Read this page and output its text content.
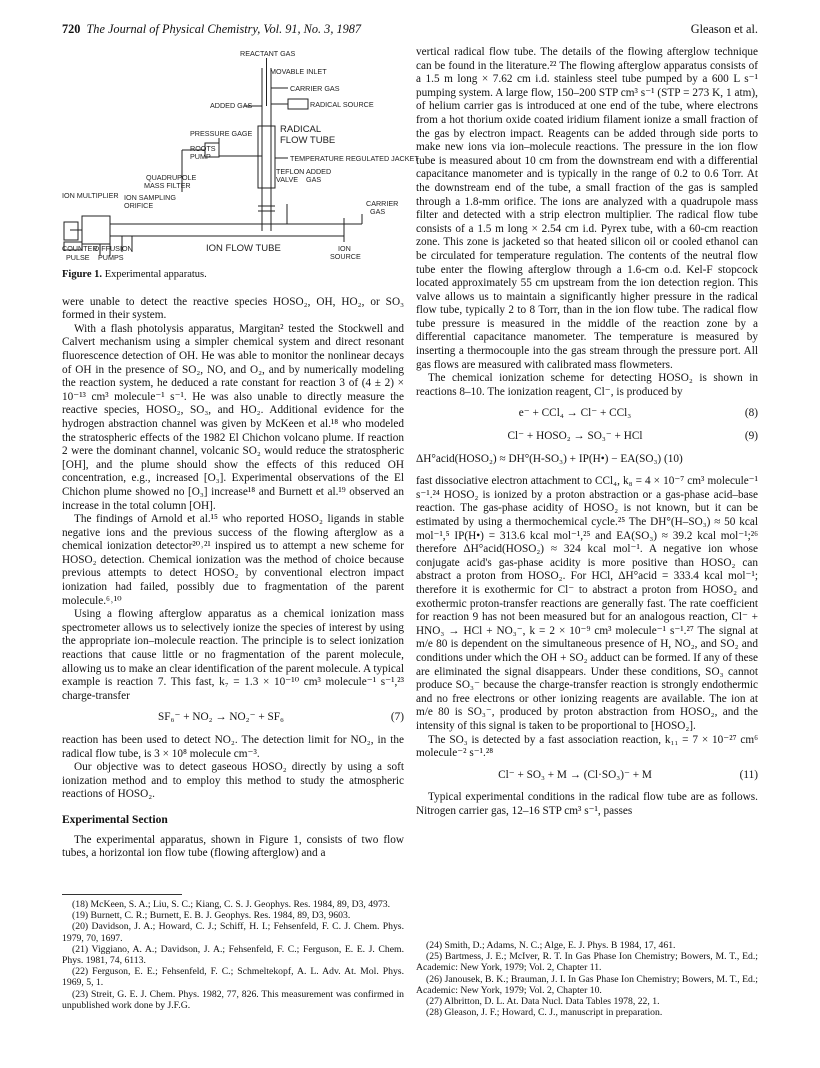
720 The Journal of Physical Chemistry, Vol. 91, No. 3, 1987	Gleason et al.
REACTANT GAS
MOVABLE INLET
CARRIER GAS
ADDED GAS	RADICAL SOURCE
PRESSURE GAGE	RADICAL
FLOW TUBE
ROOTS
PUMP	TEMPERATURE REGULATED JACKET
QUADRUPOLE
MASS FILTER
TEFLON
VALVE
ADDED
GAS
ION MULTIPLIER ION SAMPLING
ORIFICE	CARRIER
GAS
PULSE
COUNTER
DIFFUSION
PUMPS
ION FLOW TUBE	ION
SOURCE
Figure 1. Experimental apparatus.

were unable to detect the reactive species HOSO₂, OH, HO₂, or SO₃ formed in their system.

With a flash photolysis apparatus, Margitan² tested the Stockwell and Calvert mechanism using a simpler chemical system and direct resonant fluorescence detection of OH. He was able to monitor the nonlinear decays of OH in the presence of SO₂, NO, and O₂, and by numerically modeling the reaction system, he deduced a rate constant for reaction 3 of (4 ± 2) × 10⁻¹³ cm³ molecule⁻¹ s⁻¹. He was also unable to directly measure the reactive species, HOSO₂, SO₃, and HO₂. Additional evidence for the hydrogen abstraction channel was given by McKeen et al.¹⁸ who modeled the stratospheric effects of the 1982 El Chichon volcano plume. If reaction 2 were the dominant channel, volcanic SO₂ would reduce the stratospheric [OH], and the plume should show the effects of this reduced OH concentration, e.g., increased [O₃]. Experimental observations of the El Chichon plume showed no [O₃] increase¹⁸ and Burnett et al.¹⁹ observed an increase in the total column [OH].

The findings of Arnold et al.¹⁵ who reported HOSO₂ ligands in stable negative ions and the previous success of the flowing afterglow as a chemical ionization detector²⁰˒²¹ inspired us to attempt a new scheme for HOSO₂ detection. Chemical ionization was the method of choice because previous attempts to detect HOSO₂ by conventional electron impact ionization had failed, possibly due to fragmentation of the parent molecule.⁶˒¹⁰

Using a flowing afterglow apparatus as a chemical ionization mass spectrometer allows us to selectively ionize the species of interest by using the appropriate ion–molecule reaction. The principle is to select ionization reactions that cause little or no fragmentation of the parent molecule, allowing us to make an clear identification of the parent molecule. A typical example is reaction 7. This fast, k₇ = 1.3 × 10⁻¹⁰ cm³ molecule⁻¹ s⁻¹,²³ charge-transfer

SF₆⁻ + NO₂ → NO₂⁻ + SF₆	(7)

reaction has been used to detect NO₂. The detection limit for NO₂, in the radical flow tube, is 3 × 10⁸ molecule cm⁻³.

Our objective was to detect gaseous HOSO₂ directly by using a soft ionization method and to employ this method to study the atmospheric reactions of HOSO₂.

Experimental Section

The experimental apparatus, shown in Figure 1, consists of two flow tubes, a horizontal ion flow tube (flowing afterglow) and a

vertical radical flow tube. The details of the flowing afterglow technique can be found in the literature.²² The flowing afterglow apparatus consists of a 1.5 m long × 7.62 cm i.d. stainless steel tube pumped by a 600 L s⁻¹ pumping system. A large flow, 150–200 STP cm³ s⁻¹ (STP = 273 K, 1 atm), of helium carrier gas is introduced at one end of the tube, where electrons from a hot thorium oxide coated iridium filament ionize a small fraction of the gas by electron impact. Reagents can be added through side ports to make new ions via ion–molecule reactions. The pressure in the ion flow tube is measured about 10 cm from the downstream end with a differential capacitance manometer and is typically in the range of 0.2 to 0.6 Torr. At the downstream end of the tube, a small fraction of the gas is sampled through a 1.8-mm orifice. The ions are analyzed with a quadrupole mass filter and detected with a strip electron multiplier. The radical flow tube consists of a 1.5 m long × 2.54 cm i.d. Pyrex tube, with a 60-cm reaction zone. This zone is jacketed so that heated silicon oil or cooled ethanol can be circulated for temperature regulation. The contents of the neutral flow tube enter the flowing afterglow through a 1.6-cm o.d. Kel-F stopcock located approximately 55 cm upstream from the ion detection region. This valve allows us to maintain a significantly higher pressure in the radical flow tube, typically 2 to 8 Torr, than in the ion flow tube. The radical flow tube pressure is measured in the middle of the reaction zone by a differential capacitance manometer. The temperature is measured by inserting a thermocouple into the gas stream through the pressure port. All gas flows are measured with calibrated mass flowmeters.

The chemical ionization scheme for detecting HOSO₂ is shown in reactions 8–10. The ionization reagent, Cl⁻, is produced by

e⁻ + CCl₄ → Cl⁻ + CCl₃	(8)
Cl⁻ + HOSO₂ → SO₃⁻ + HCl	(9)
ΔH°acid(HOSO₂) ≈ DH°(H-SO₃) + IP(H•) − EA(SO₃) (10)

fast dissociative electron attachment to CCl₄, k₈ = 4 × 10⁻⁷ cm³ molecule⁻¹ s⁻¹.²⁴ HOSO₂ is ionized by a proton abstraction or a gas-phase acid–base reaction. The gas-phase acidity of HOSO₂ is not known, but it can be estimated by using a thermochemical cycle.²⁵ The DH°(H–SO₃) ≈ 50 kcal mol⁻¹,⁵ IP(H•) = 313.6 kcal mol⁻¹,²⁵ and EA(SO₃) ≈ 39.2 kcal mol⁻¹;²⁶ therefore ΔH°acid(HOSO₂) ≈ 324 kcal mol⁻¹. A negative ion whose conjugate acid's gas-phase acidity is more positive than HOSO₂ can abstract a proton from HOSO₂. For HCl, ΔH°acid = 333.4 kcal mol⁻¹; therefore it is exothermic for Cl⁻ to abstract a proton from HOSO₂ and exothermic proton-transfer reactions are generally fast. The rate coefficient for reaction 9 has not been measured but for an analogous reaction, Cl⁻ + HNO₃ → HCl + NO₃⁻, k = 2 × 10⁻⁹ cm³ molecule⁻¹ s⁻¹.²⁷ The signal at m/e 80 is dependent on the simultaneous presence of H, NO₂, and SO₂ and conditions under which the OH + SO₂ adduct can be formed. If any of these are eliminated the signal disappears. Under these conditions, SO₃ cannot produce SO₃⁻ because the charge-transfer reaction is strongly endothermic and no free electrons or other ionizing reagents are available. The ion at m/e 80 is SO₃⁻, produced by proton abstraction from HOSO₂, and the intensity of this signal is taken to be proportional to [HOSO₂].

The SO₃ is detected by a fast association reaction, k₁₁ = 7 × 10⁻²⁷ cm⁶ molecule⁻² s⁻¹.²⁸

Cl⁻ + SO₃ + M → (Cl·SO₃)⁻ + M	(11)

Typical experimental conditions in the radical flow tube are as follows. Nitrogen carrier gas, 12–16 STP cm³ s⁻¹, passes

(18) McKeen, S. A.; Liu, S. C.; Kiang, C. S. J. Geophys. Res. 1984, 89, D3, 4973.
(19) Burnett, C. R.; Burnett, E. B. J. Geophys. Res. 1984, 89, D3, 9603.
(20) Davidson, J. A.; Howard, C. J.; Schiff, H. I.; Fehsenfeld, F. C. J. Chem. Phys. 1979, 70, 1697.
(21) Viggiano, A. A.; Davidson, J. A.; Fehsenfeld, F. C.; Ferguson, E. E. J. Chem. Phys. 1981, 74, 6113.
(22) Ferguson, E. E.; Fehsenfeld, F. C.; Schmeltekopf, A. L. Adv. At. Mol. Phys. 1969, 5, 1.
(23) Streit, G. E. J. Chem. Phys. 1982, 77, 826. This measurement was confirmed in unpublished work done by J.F.G.
(24) Smith, D.; Adams, N. C.; Alge, E. J. Phys. B 1984, 17, 461.
(25) Bartmess, J. E.; McIver, R. T. In Gas Phase Ion Chemistry; Bowers, M. T., Ed.; Academic: New York, 1979; Vol. 2, Chapter 11.
(26) Janousek, B. K.; Brauman, J. I. In Gas Phase Ion Chemistry; Bowers, M. T., Ed.; Academic: New York, 1979; Vol. 2, Chapter 10.
(27) Albritton, D. L. At. Data Nucl. Data Tables 1978, 22, 1.
(28) Gleason, J. F.; Howard, C. J., manuscript in preparation.
